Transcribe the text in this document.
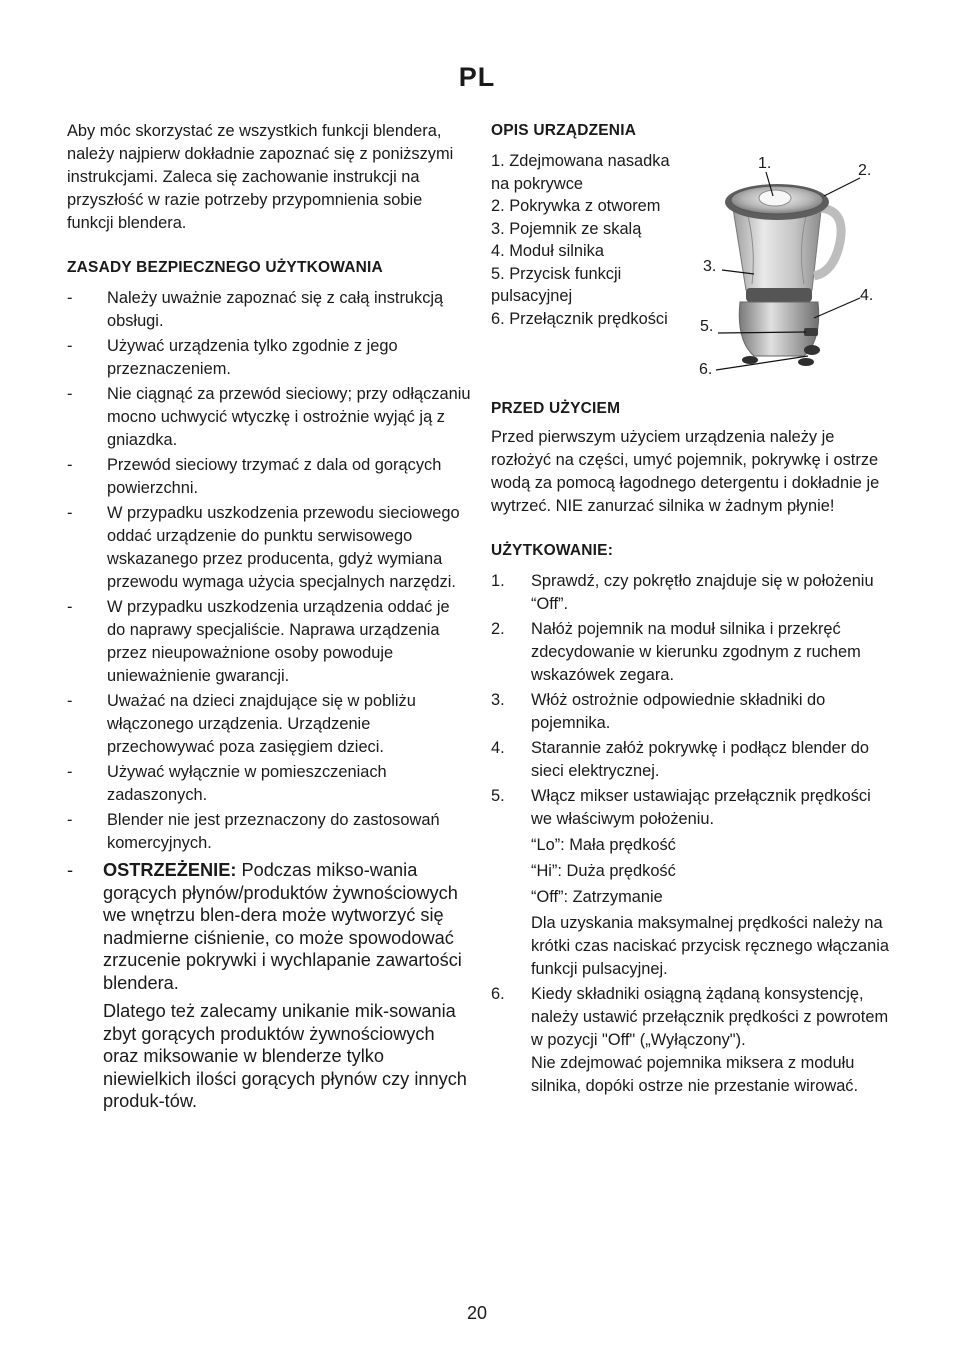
PL

Aby móc skorzystać ze wszystkich funkcji blendera, należy najpierw dokładnie zapoznać się z poniższymi instrukcjami. Zaleca się zachowanie instrukcji na przyszłość w razie potrzeby przypomnienia sobie funkcji blendera.

ZASADY BEZPIECZNEGO UŻYTKOWANIA

- Należy uważnie zapoznać się z całą instrukcją obsługi.
- Używać urządzenia tylko zgodnie z jego przeznaczeniem.
- Nie ciągnąć za przewód sieciowy; przy odłączaniu mocno uchwycić wtyczkę i ostrożnie wyjąć ją z gniazdka.
- Przewód sieciowy trzymać z dala od gorących powierzchni.
- W przypadku uszkodzenia przewodu sieciowego oddać urządzenie do punktu serwisowego wskazanego przez producenta, gdyż wymiana przewodu wymaga użycia specjalnych narzędzi.
- W przypadku uszkodzenia urządzenia oddać je do naprawy specjaliście. Naprawa urządzenia przez nieupoważnione osoby powoduje unieważnienie gwarancji.
- Uważać na dzieci znajdujące się w pobliżu włączonego urządzenia. Urządzenie przechowywać poza zasięgiem dzieci.
- Używać wyłącznie w pomieszczeniach zadaszonych.
- Blender nie jest przeznaczony do zastosowań komercyjnych.
- OSTRZEŻENIE: Podczas mikso-wania gorących płynów/produktów żywnościowych we wnętrzu blen-dera może wytworzyć się nadmierne ciśnienie, co może spowodować zrzucenie pokrywki i wychlapanie zawartości blendera.

Dlatego też zalecamy unikanie mik-sowania zbyt gorących produktów żywnościowych oraz miksowanie w blenderze tylko niewielkich ilości gorących płynów czy innych produk-tów.

OPIS URZĄDZENIA

1. Zdejmowana nasadka na pokrywce
2. Pokrywka z otworem
3. Pojemnik ze skalą
4. Moduł silnika
5. Przycisk funkcji pulsacyjnej
6. Przełącznik prędkości

PRZED UŻYCIEM

Przed pierwszym użyciem urządzenia należy je rozłożyć na części, umyć pojemnik, pokrywkę i ostrze wodą za pomocą łagodnego detergentu i dokładnie je wytrzeć. NIE zanurzać silnika w żadnym płynie!

UŻYTKOWANIE:

1. Sprawdź, czy pokrętło znajduje się w położeniu “Off”.
2. Nałóż pojemnik na moduł silnika i przekręć zdecydowanie w kierunku zgodnym z ruchem wskazówek zegara.
3. Włóż ostrożnie odpowiednie składniki do pojemnika.
4. Starannie załóż pokrywkę i podłącz blender do sieci elektrycznej.
5. Włącz mikser ustawiając przełącznik prędkości we właściwym położeniu.
“Lo”: Mała prędkość
“Hi”: Duża prędkość
“Off”: Zatrzymanie
Dla uzyskania maksymalnej prędkości należy na krótki czas naciskać przycisk ręcznego włączania funkcji pulsacyjnej.
6. Kiedy składniki osiągną żądaną konsystencję, należy ustawić przełącznik prędkości z powrotem w pozycji "Off" („Wyłączony").
Nie zdejmować pojemnika miksera z modułu silnika, dopóki ostrze nie przestanie wirować.
1.	2.
3.
4.
5.
6.
20
